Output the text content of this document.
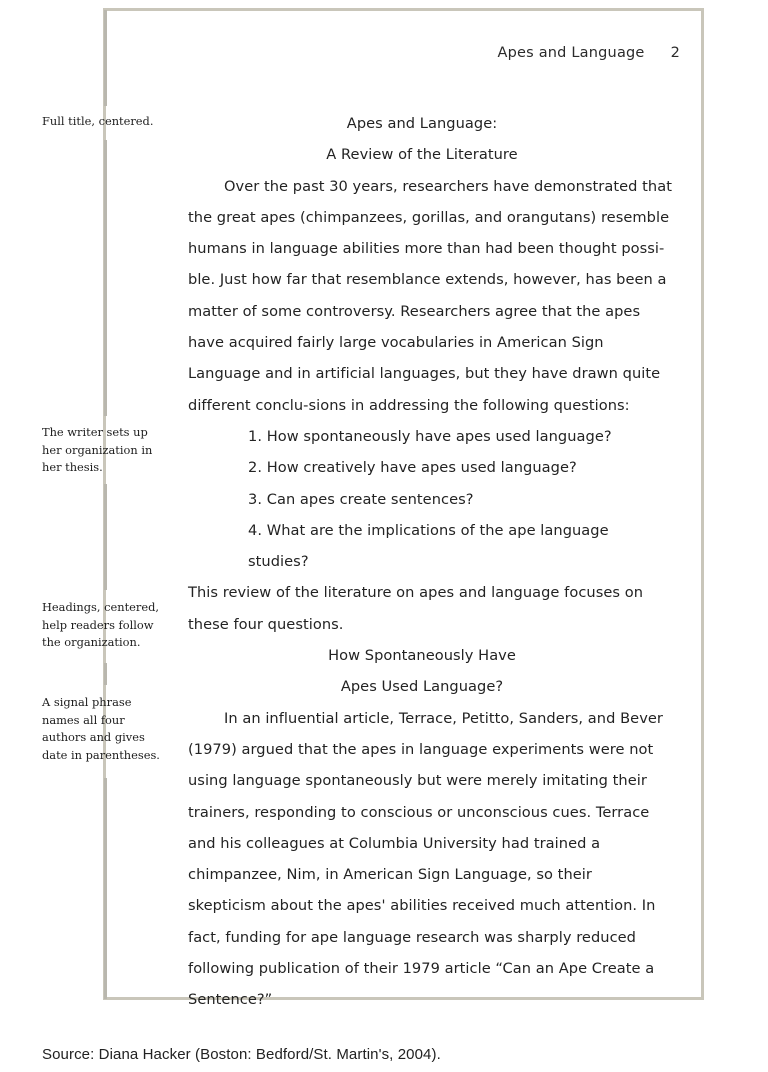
Apes and Language 2

Apes and Language:

A Review of the Literature

Over the past 30 years, researchers have demonstrated that the great apes (chimpanzees, gorillas, and orangutans) resemble humans in language abilities more than had been thought possi-ble. Just how far that resemblance extends, however, has been a matter of some controversy. Researchers agree that the apes have acquired fairly large vocabularies in American Sign Language and in artificial languages, but they have drawn quite different conclu-sions in addressing the following questions:

1. How spontaneously have apes used language?
2. How creatively have apes used language?
3. Can apes create sentences?
4. What are the implications of the ape language studies?

This review of the literature on apes and language focuses on these four questions.

How Spontaneously Have

Apes Used Language?

In an influential article, Terrace, Petitto, Sanders, and Bever (1979) argued that the apes in language experiments were not using language spontaneously but were merely imitating their trainers, responding to conscious or unconscious cues. Terrace and his colleagues at Columbia University had trained a chimpanzee, Nim, in American Sign Language, so their skepticism about the apes' abilities received much attention. In fact, funding for ape language research was sharply reduced following publication of their 1979 article “Can an Ape Create a Sentence?”

Full title, centered.
The writer sets up her organization in her thesis.
Headings, centered, help readers follow the organization.
A signal phrase names all four authors and gives date in parentheses.
Source: Diana Hacker (Boston: Bedford/St. Martin's, 2004).
